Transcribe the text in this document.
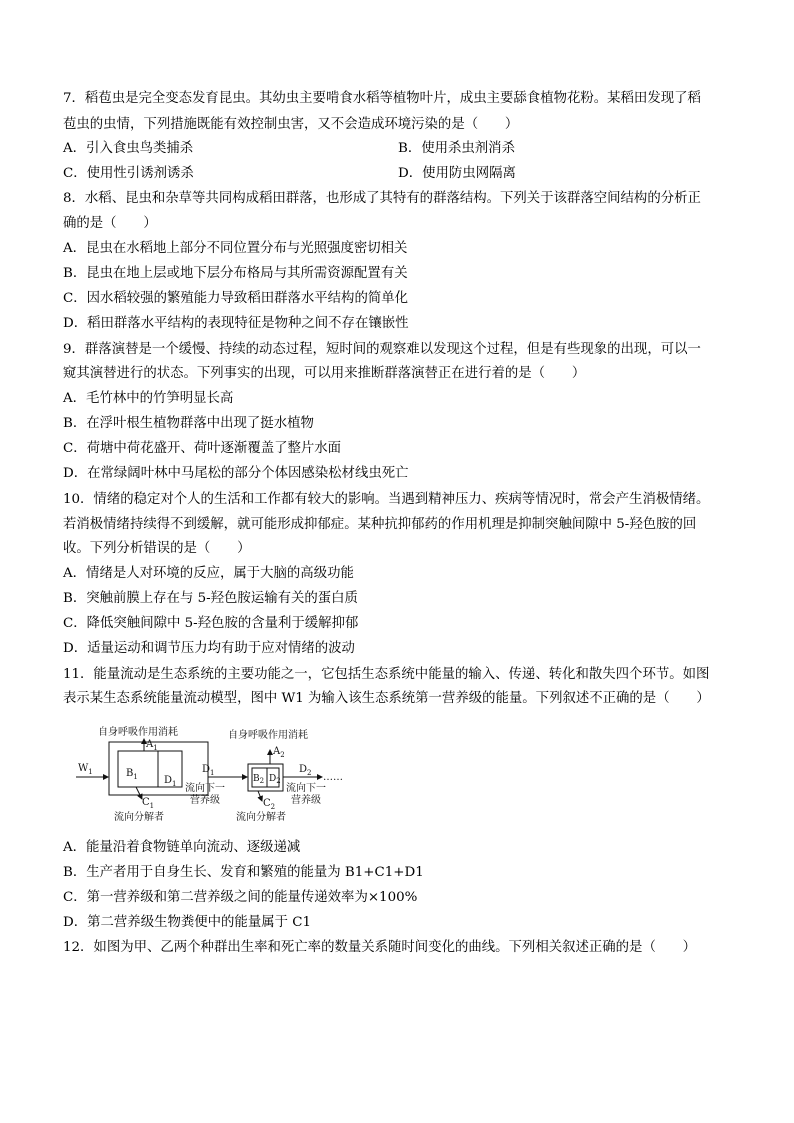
7．稻苞虫是完全变态发育昆虫。其幼虫主要啃食水稻等植物叶片，成虫主要舔食植物花粉。某稻田发现了稻
苞虫的虫情，下列措施既能有效控制虫害，又不会造成环境污染的是（　　）
A．引入食虫鸟类捕杀	B．使用杀虫剂消杀
C．使用性引诱剂诱杀	D．使用防虫网隔离
8．水稻、昆虫和杂草等共同构成稻田群落，也形成了其特有的群落结构。下列关于该群落空间结构的分析正
确的是（　　）
A．昆虫在水稻地上部分不同位置分布与光照强度密切相关
B．昆虫在地上层或地下层分布格局与其所需资源配置有关
C．因水稻较强的繁殖能力导致稻田群落水平结构的简单化
D．稻田群落水平结构的表现特征是物种之间不存在镶嵌性
9．群落演替是一个缓慢、持续的动态过程，短时间的观察难以发现这个过程，但是有些现象的出现，可以一
窥其演替进行的状态。下列事实的出现，可以用来推断群落演替正在进行着的是（　　）
A．毛竹林中的竹笋明显长高
B．在浮叶根生植物群落中出现了挺水植物
C．荷塘中荷花盛开、荷叶逐渐覆盖了整片水面
D．在常绿阔叶林中马尾松的部分个体因感染松材线虫死亡
10．情绪的稳定对个人的生活和工作都有较大的影响。当遇到精神压力、疾病等情况时，常会产生消极情绪。
若消极情绪持续得不到缓解，就可能形成抑郁症。某种抗抑郁药的作用机理是抑制突触间隙中 5-羟色胺的回
收。下列分析错误的是（　　）
A．情绪是人对环境的反应，属于大脑的高级功能
B．突触前膜上存在与 5-羟色胺运输有关的蛋白质
C．降低突触间隙中 5-羟色胺的含量利于缓解抑郁
D．适量运动和调节压力均有助于应对情绪的波动
11．能量流动是生态系统的主要功能之一，它包括生态系统中能量的输入、传递、转化和散失四个环节。如图
表示某生态系统能量流动模型，图中 W1 为输入该生态系统第一营养级的能量。下列叙述不正确的是（　　）
自身呼吸作用消耗	自身呼吸作用消耗
$W_1$	$B_1$	$D_1$
$A_1$
$C_1$
流向分解者
$D_1$
流向下一
营养级
$B_2$ $D_2$
$A_2$
$C_2$
流向分解者
$D_2$ ……
流向下一
营养级
A．能量沿着食物链单向流动、逐级递减
B．生产者用于自身生长、发育和繁殖的能量为 B1+C1+D1
C．第一营养级和第二营养级之间的能量传递效率为×100%
D．第二营养级生物粪便中的能量属于 C1
12．如图为甲、乙两个种群出生率和死亡率的数量关系随时间变化的曲线。下列相关叙述正确的是（　　）
